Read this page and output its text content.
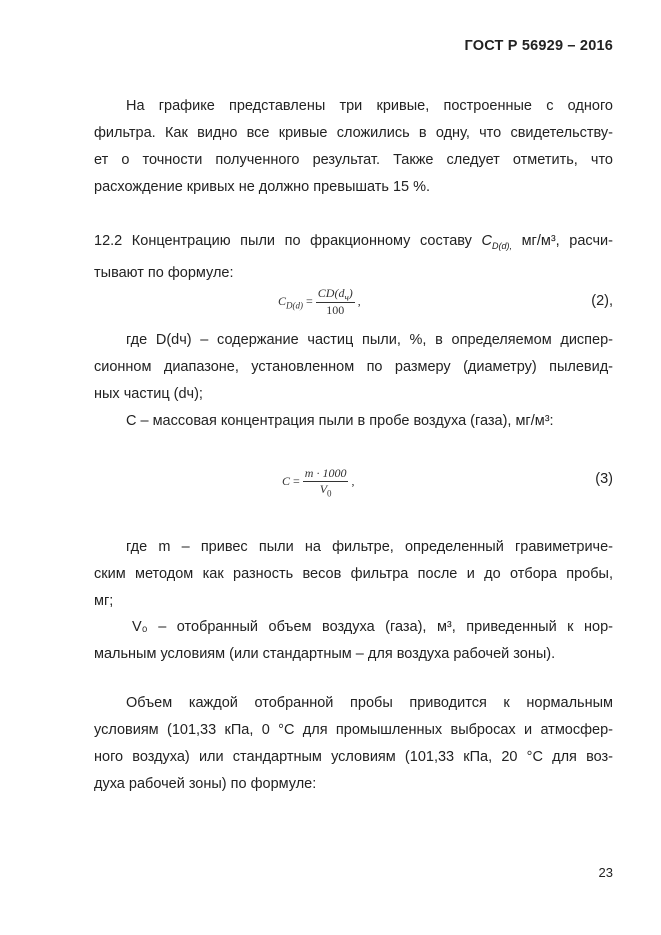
ГОСТ Р 56929 – 2016
На графике представлены три кривые, построенные с одного
фильтра. Как видно все кривые сложились в одну, что свидетельству-
ет о точности полученного результат. Также следует отметить, что
расхождение кривых не должно превышать 15 %.
12.2 Концентрацию пыли по фракционному составу $C_{D(d),}$ мг/м³, расчи-
тывают по формуле:
$C_{D(d)} = \frac{CD(d_ч)}{100}$ ,	(2),
где D(dч) – содержание частиц пыли, %, в определяемом диспер-
сионном диапазоне, установленном по размеру (диаметру) пылевид-
ных частиц (dч);
C – массовая концентрация пыли в пробе воздуха (газа), мг/м³:
$C = \frac{m \cdot 1000}{V_0}$ ,	(3)
где m – привес пыли на фильтре, определенный гравиметриче-
ским методом как разность весов фильтра после и до отбора пробы,
мг;
V₀ – отобранный объем воздуха (газа), м³, приведенный к нор-
мальным условиям (или стандартным – для воздуха рабочей зоны).
Объем каждой отобранной пробы приводится к нормальным
условиям (101,33 кПа, 0 °С для промышленных выбросах и атмосфер-
ного воздуха) или стандартным условиям (101,33 кПа, 20 °С для воз-
духа рабочей зоны) по формуле:
23
